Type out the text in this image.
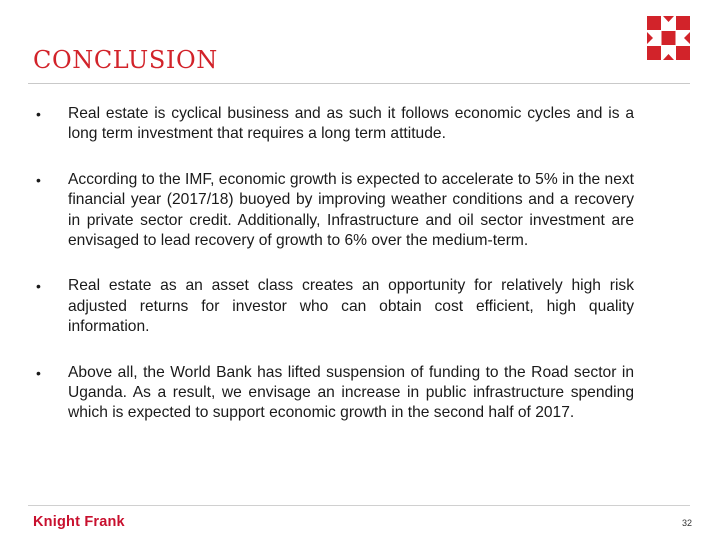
CONCLUSION
• Real estate is cyclical business and as such it follows economic cycles and is a long term investment that requires a long term attitude.
• According to the IMF, economic growth is expected to accelerate to 5% in the next financial year (2017/18) buoyed by improving weather conditions and a recovery in private sector credit. Additionally, Infrastructure and oil sector investment are envisaged to lead recovery of growth to 6% over the medium-term.
• Real estate as an asset class creates an opportunity for relatively high risk adjusted returns for investor who can obtain cost efficient, high quality information.
• Above all, the World Bank has lifted suspension of funding to the Road sector in Uganda. As a result, we envisage an increase in public infrastructure spending which is expected to support economic growth in the second half of 2017.
Knight Frank	32
